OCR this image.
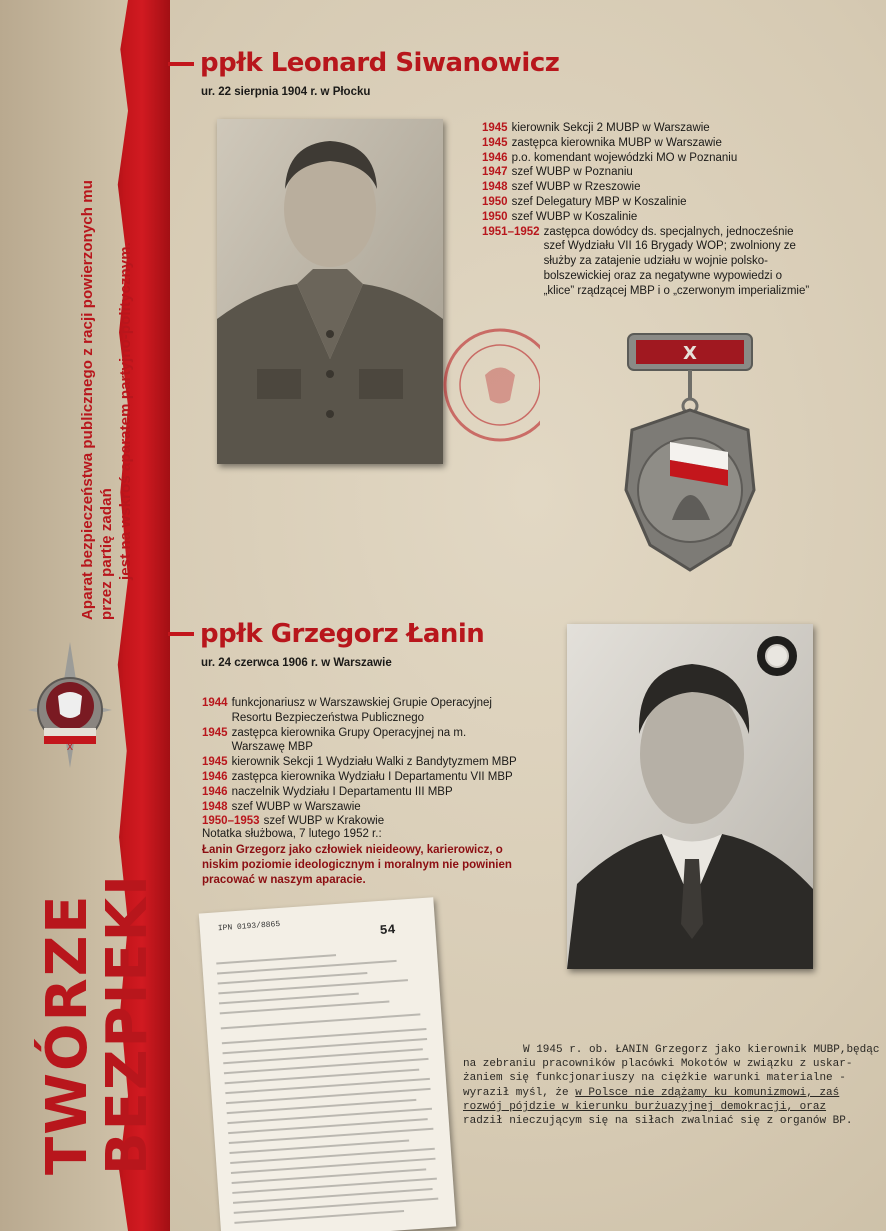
Aparat bezpieczeństwa publicznego z racji powierzonych mu przez partię zadań jest na wskroś aparatem partyjno-politycznym.
TWÓRZE BEZPIEKI
X
ppłk Leonard Siwanowicz
ur. 22 sierpnia 1904 r. w Płocku
1945 kierownik Sekcji 2 MUBP w Warszawie
1945 zastępca kierownika MUBP w Warszawie
1946 p.o. komendant wojewódzki MO w Poznaniu
1947 szef WUBP w Poznaniu
1948 szef WUBP w Rzeszowie
1950 szef Delegatury MBP w Koszalinie
1950 szef WUBP w Koszalinie
1951–1952 zastępca dowódcy ds. specjalnych, jednocześnie szef Wydziału VII 16 Brygady WOP; zwolniony ze służby za zatajenie udziału w wojnie polsko-bolszewickiej oraz za negatywne wypowiedzi o „klice” rządzącej MBP i o „czerwonym imperializmie”
X
ppłk Grzegorz Łanin
ur. 24 czerwca 1906 r. w Warszawie
1944 funkcjonariusz w Warszawskiej Grupie Operacyjnej Resortu Bezpieczeństwa Publicznego
1945 zastępca kierownika Grupy Operacyjnej na m. Warszawę MBP
1945 kierownik Sekcji 1 Wydziału Walki z Bandytyzmem MBP
1946 zastępca kierownika Wydziału I Departamentu VII MBP
1946 naczelnik Wydziału I Departamentu III MBP
1948 szef WUBP w Warszawie
1950–1953 szef WUBP w Krakowie
Notatka służbowa, 7 lutego 1952 r.:
Łanin Grzegorz jako człowiek nieideowy, karierowicz, o niskim poziomie ideologicznym i moralnym nie powinien pracować w naszym aparacie.
W 1945 r. ob. ŁANIN Grzegorz jako kierownik MUBP,będąc
na zebraniu pracowników placówki Mokotów w związku z uskar-
żaniem się funkcjonariuszy na ciężkie warunki materialne -
wyraził myśl, że w Polsce nie zdążamy ku komunizmowi, zaś
rozwój pójdzie w kierunku burżuazyjnej demokracji, oraz
radził nieczującym się na siłach zwalniać się z organów BP.
IPN 0193/8865	54
